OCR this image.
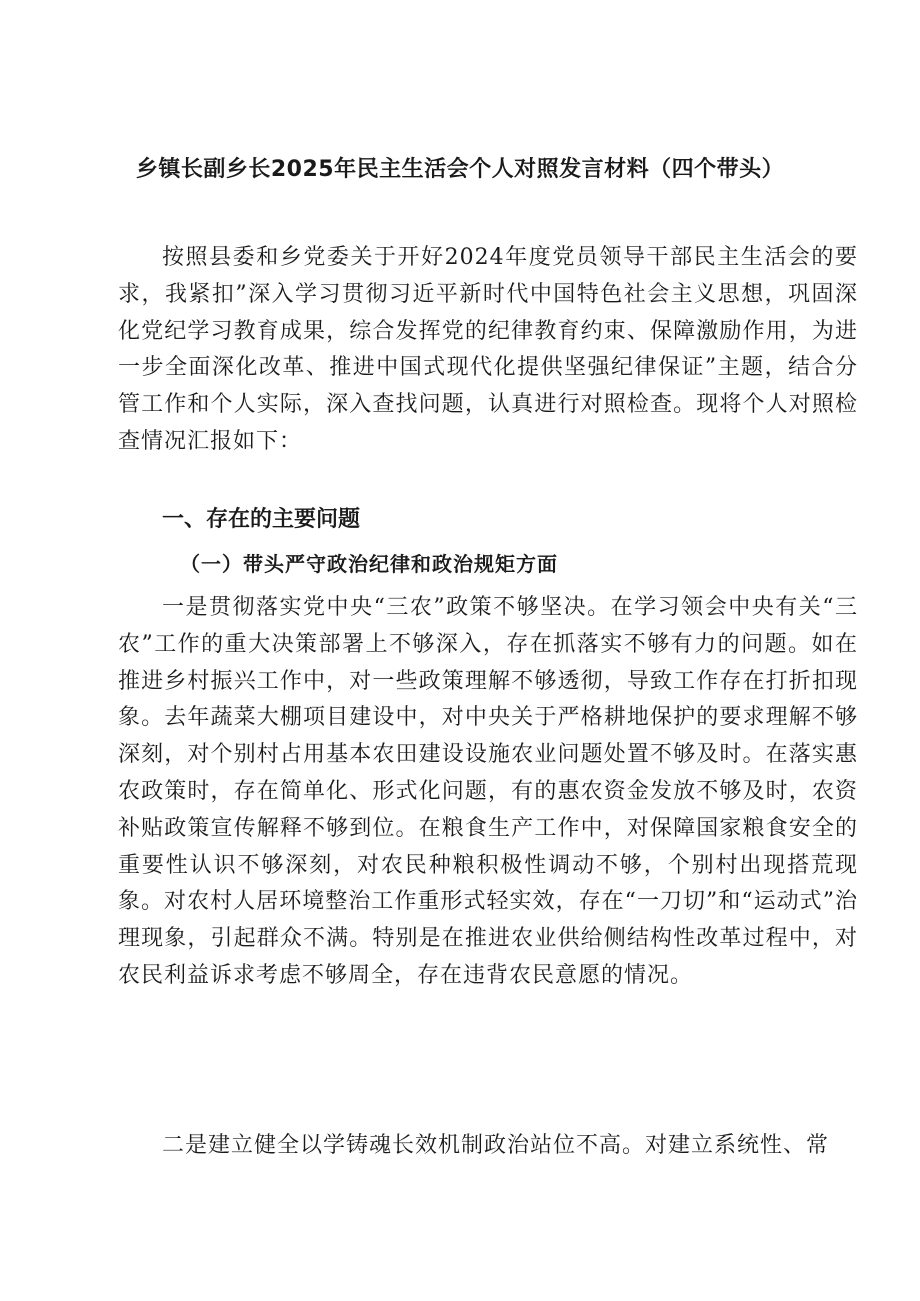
乡镇长副乡长2025年民主生活会个人对照发言材料（四个带头）

按照县委和乡党委关于开好2024年度党员领导干部民主生活会的要求，我紧扣”深入学习贯彻习近平新时代中国特色社会主义思想，巩固深化党纪学习教育成果，综合发挥党的纪律教育约束、保障激励作用，为进一步全面深化改革、推进中国式现代化提供坚强纪律保证”主题，结合分管工作和个人实际，深入查找问题，认真进行对照检查。现将个人对照检查情况汇报如下：

一、存在的主要问题
（一）带头严守政治纪律和政治规矩方面

一是贯彻落实党中央“三农”政策不够坚决。在学习领会中央有关“三农”工作的重大决策部署上不够深入，存在抓落实不够有力的问题。如在推进乡村振兴工作中，对一些政策理解不够透彻，导致工作存在打折扣现象。去年蔬菜大棚项目建设中，对中央关于严格耕地保护的要求理解不够深刻，对个别村占用基本农田建设设施农业问题处置不够及时。在落实惠农政策时，存在简单化、形式化问题，有的惠农资金发放不够及时，农资补贴政策宣传解释不够到位。在粮食生产工作中，对保障国家粮食安全的重要性认识不够深刻，对农民种粮积极性调动不够，个别村出现搭荒现象。对农村人居环境整治工作重形式轻实效，存在“一刀切”和“运动式”治理现象，引起群众不满。特别是在推进农业供给侧结构性改革过程中，对农民利益诉求考虑不够周全，存在违背农民意愿的情况。

二是建立健全以学铸魂长效机制政治站位不高。对建立系统性、常
